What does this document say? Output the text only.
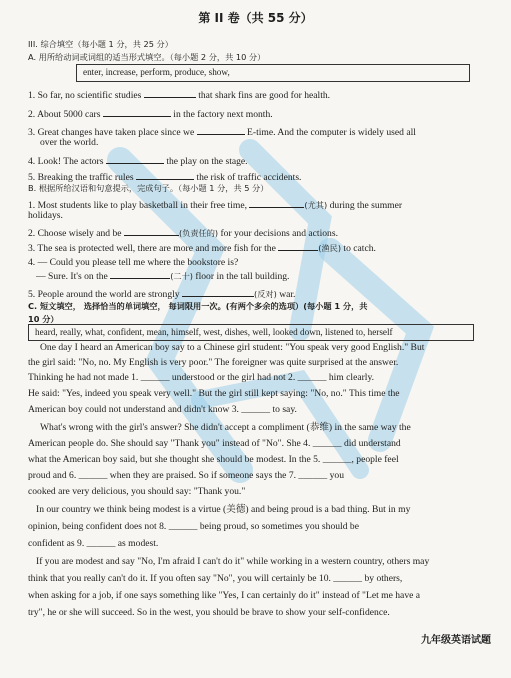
第 II 卷（共 55 分）
III. 综合填空（每小题 1 分，共 25 分）
A. 用所给动词或词组的适当形式填空。（每小题 2 分，共 10 分）
enter, increase, perform, produce, show,
1. So far, no scientific studies	that shark fins are good for health.
2. About 5000 cars	in the factory next month.
3. Great changes have taken place since we	E-time. And the computer is widely used all
over the world.
4. Look! The actors	the play on the stage.
5. Breaking the traffic rules	the risk of traffic accidents.
B. 根据所给汉语和句意提示，完成句子。（每小题 1 分，共 5 分）
1. Most students like to play basketball in their free time,	(尤其) during the summer
holidays.
2. Choose wisely and be	(负责任的) for your decisions and actions.
3. The sea is protected well, there are more and more fish for the	(渔民) to catch.
4. — Could you please tell me where the bookstore is?
— Sure. It's on the	(二十) floor in the tall building.
5. People around the world are strongly	(反对) war.
C. 短文填空， 选择恰当的单词填空， 每词限用一次。(有两个多余的选项）(每小题 1 分，共
10 分）
heard, really, what, confident, mean, himself, west, dishes, well, looked down, listened to, herself
One day I heard an American boy say to a Chinese girl student: "You speak very good English." But
the girl said: "No, no. My English is very poor." The foreigner was quite surprised at the answer.
Thinking he had not made 1. ______ understood or the girl had not 2. ______ him clearly.
He said: "Yes, indeed you speak very well." But the girl still kept saying: "No, no." This time the
American boy could not understand and didn't know 3. ______ to say.
What's wrong with the girl's answer? She didn't accept a compliment (恭维) in the same way the
American people do. She should say "Thank you" instead of "No". She 4. ______ did understand
what the American boy said, but she thought she should be modest. In the 5. ______, people feel
proud and 6. ______ when they are praised. So if someone says the 7. ______ you
cooked are very delicious, you should say: "Thank you."
In our country we think being modest is a virtue (美德) and being proud is a bad thing. But in my
opinion, being confident does not 8. ______ being proud, so sometimes you should be
confident as 9. ______ as modest.
If you are modest and say "No, I'm afraid I can't do it" while working in a western country, others may
think that you really can't do it. If you often say "No", you will certainly be 10. ______ by others,
when asking for a job, if one says something like "Yes, I can certainly do it" instead of "Let me have a
try", he or she will succeed. So in the west, you should be brave to show your self-confidence.
九年级英语试题
